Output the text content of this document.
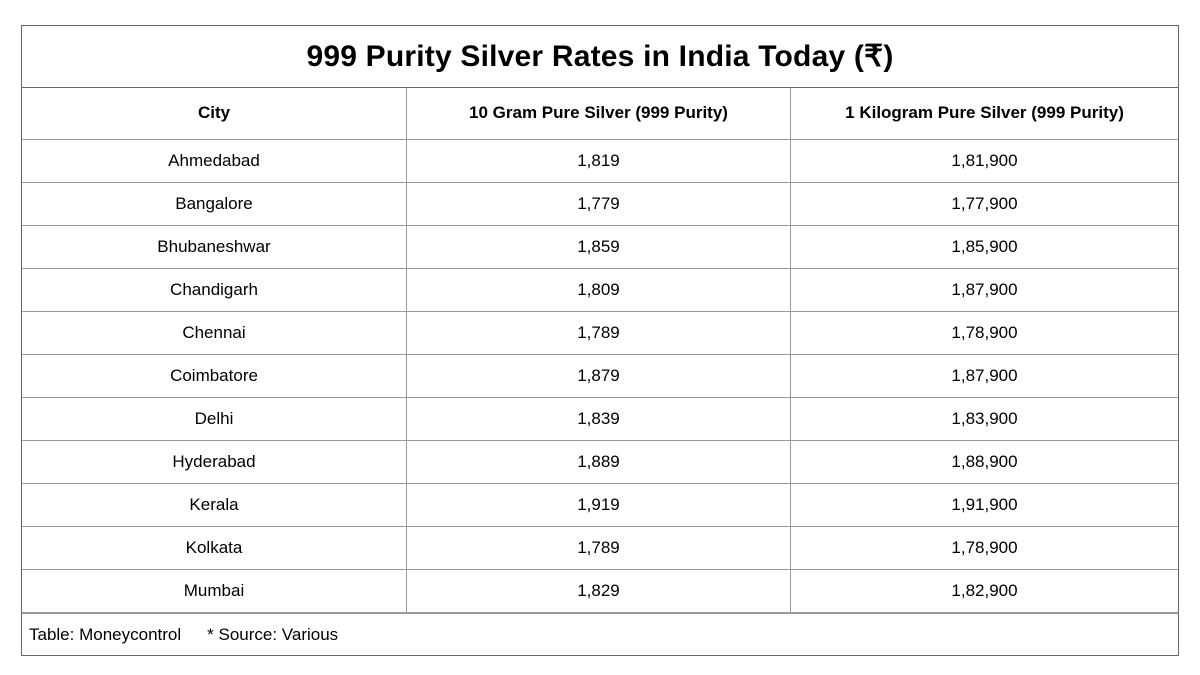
999 Purity Silver Rates in India Today (₹)
City	10 Gram Pure Silver (999 Purity)	1 Kilogram Pure Silver (999 Purity)
Ahmedabad	1,819	1,81,900
Bangalore	1,779	1,77,900
Bhubaneshwar	1,859	1,85,900
Chandigarh	1,809	1,87,900
Chennai	1,789	1,78,900
Coimbatore	1,879	1,87,900
Delhi	1,839	1,83,900
Hyderabad	1,889	1,88,900
Kerala	1,919	1,91,900
Kolkata	1,789	1,78,900
Mumbai	1,829	1,82,900
Table: Moneycontrol * Source: Various
